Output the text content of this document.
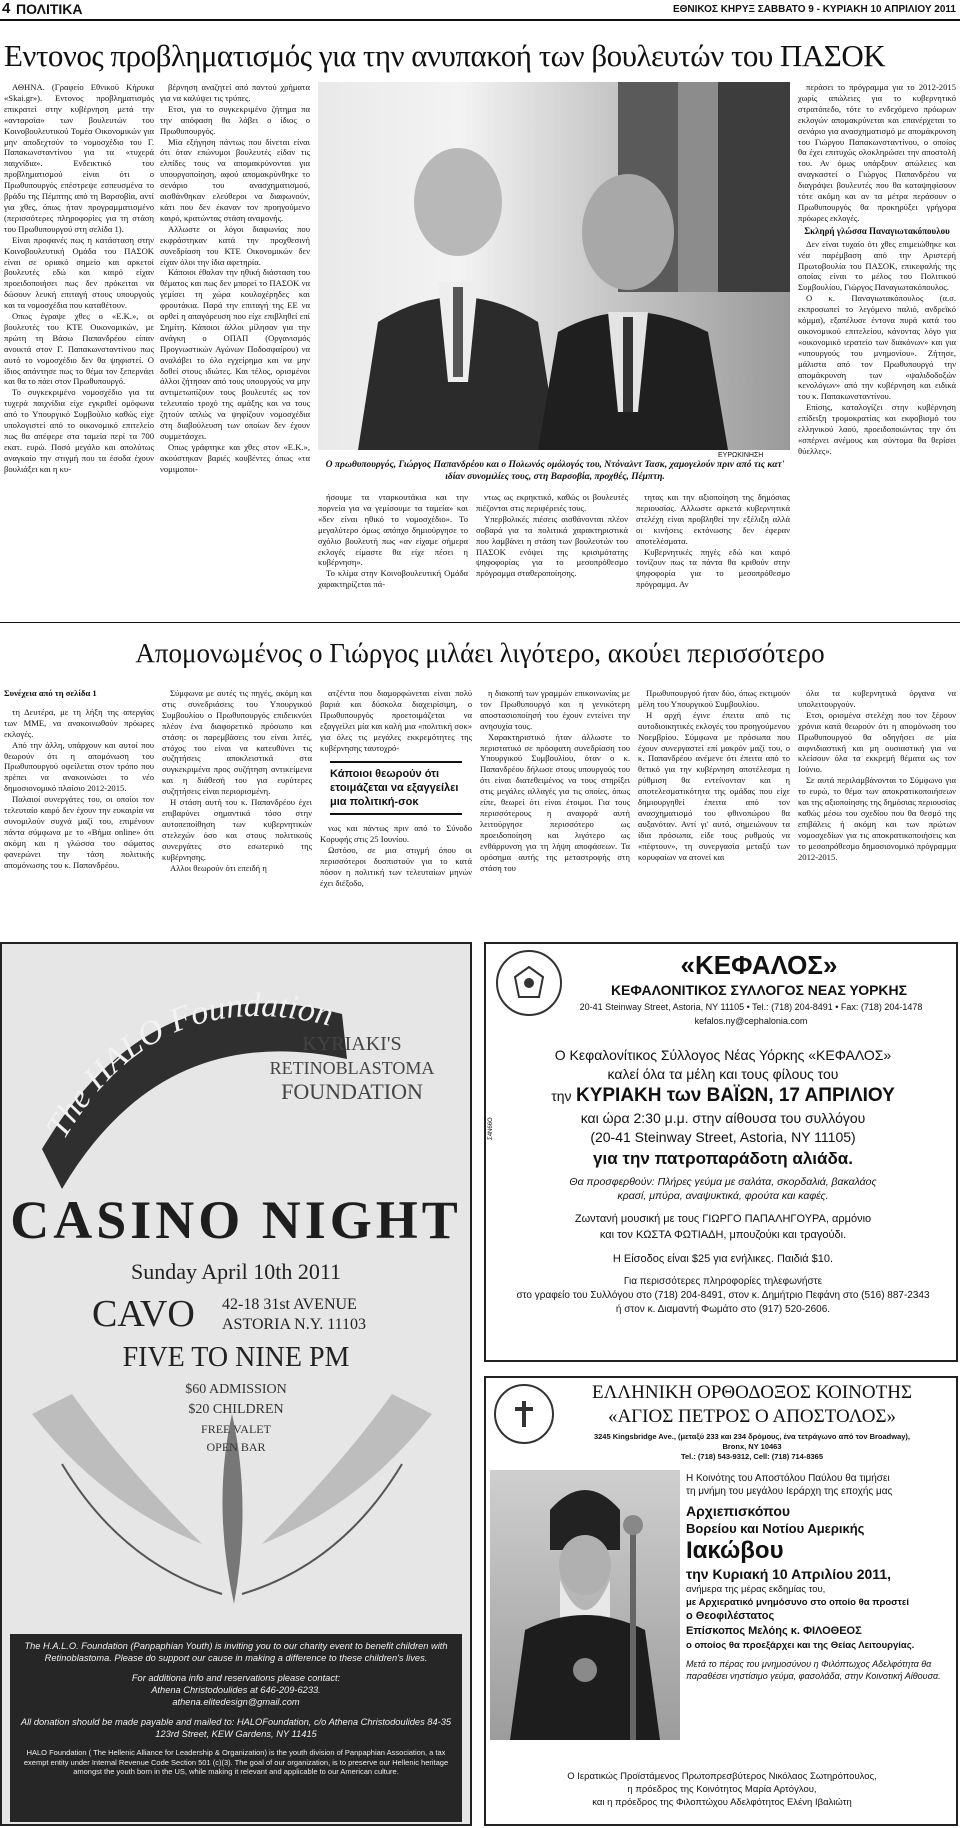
4 ΠΟΛΙΤΙΚΑ	ΕΘΝΙΚΟΣ ΚΗΡΥΞ ΣΑΒΒΑΤΟ 9 - ΚΥΡΙΑΚΗ 10 ΑΠΡΙΛΙΟΥ 2011
Εντονος προβληματισμός για την ανυπακοή των βουλευτών του ΠΑΣΟΚ

ΑΘΗΝΑ. (Γραφείο Εθνικού Κήρυκα «Skai.gr»). Εντονος προβληματισμός επικρατεί στην κυβέρνηση μετά την «ανταρσία» των βουλευτών του Κοινοβουλευτικού Τομέα Οικονομικών για μην αποδεχτούν το νομοσχέδιο του Γ. Παπακωνσταντίνου για τα «τυχερά παιχνίδια». Ενδεικτικό του προβληματισμού είναι ότι ο Πρωθυπουργός επέστρεψε εσπευσμένα το βράδυ της Πέμπτης από τη Βαρσοβία, αντί για χθες, όπως ήταν προγραμματισμένο (περισσότερες πληροφορίες για τη στάση του Πρωθυπουργού στη σελίδα 1).

Είναι προφανές πως η κατάσταση στην Κοινοβουλευτική Ομάδα του ΠΑΣΟΚ είναι σε οριακό σημείο και αρκετοί βουλευτές εδώ και καιρό είχαν προειδοποιήσει πως δεν πρόκειται να δώσουν λευκή επιταγή στους υπουργούς και τα νομοσχέδια που καταθέτουν.

Οπως έγραψε χθες ο «Ε.Κ.», οι βουλευτές του ΚΤΕ Οικονομικών, με πρώτη τη Βάσω Παπανδρέου είπαν ανοικτά στον Γ. Παπακωνσταντίνου πως αυτό το νομοσχέδιο δεν θα ψηφιστεί. Ο ίδιος απάντησε πως το θέμα τον ξεπερνάει και θα το πάει στον Πρωθυπουργό.

Το συγκεκριμένο νομοσχέδιο για τα τυχερά παιχνίδια είχε εγκριθεί ομόφωνα από το Υπουργικό Συμβούλιο καθώς είχε υπολογιστεί από το οικονομικό επιτελείο πως θα απέφερε στα ταμεία περί τα 700 εκατ. ευρώ. Ποσό μεγάλο και απολύτως αναγκαίο την στιγμή που τα έσοδα έχουν βουλιάξει και η κυ-

βέρνηση αναζητεί από παντού χρήματα για να καλύψει τις τρύπες.

Ετσι, για το συγκεκριμένο ζήτημα πα την απόφαση θα λάβει ο ίδιος ο Πρωθυπουργός.

Μία εξήγηση πάντως που δίνεται είναι ότι όταν επώνυμοι βουλευτές είδαν τις ελπίδες τους να απομακρύνονται για υπουργοποίηση, αφού απομακρύνθηκε το σενάριο του ανασχηματισμού, αισθάνθηκαν ελεύθεροι να διαφωνούν, κάτι που δεν έκαναν τον προηγούμενο καιρό, κρατώντας στάση αναμονής.

Αλλωστε οι λόγοι διαφωνίας που εκφράστηκαν κατά την προχθεσινή συνεδρίαση του ΚΤΕ Οικονομικών δεν είχαν όλοι την ίδια αφετηρία.

Κάποιοι έθαλαν την ηθική διάσταση του θέματος και πως δεν μπορεί το ΠΑΣΟΚ να γεμίσει τη χώρα κουλοχέρηδες και φρουτάκια. Παρά την επιταγή της ΕΕ να αρθεί η απαγόρευση που είχε επιβληθεί επί Σημίτη. Κάποιοι άλλοι μίλησαν για την ανάγκη ο ΟΠΑΠ (Οργανισμός Προγνωστικών Αγώνων Ποδοσφαίρου) να αναλάβει το όλο εγχείρημα και να μην δοθεί στους ιδιώτες. Και τέλος, ορισμένοι άλλοι ζήτησαν από τους υπουργούς να μην αντιμετωπίζουν τους βουλευτές ως τον τελευταίο τροχό της αμάξης και να τους ζητούν απλώς να ψηφίζουν νομοσχέδια στη διαβούλευση των οποίων δεν έχουν συμμετάσχει.

Οπως γράφτηκε και χθες στον «Ε.Κ.», ακούστηκαν βαριές κουβέντες όπως «τα νομιμοποι-

ΕΥΡΩΚΙΝΗΣΗ
Ο πρωθυπουργός, Γιώργος Παπανδρέου και ο Πολωνός ομόλογός του, Ντόναλντ Τασκ, χαμογελούν πριν από τις κατ' ιδίαν συνομιλίες τους, στη Βαρσοβία, προχθές, Πέμπτη.

ήσουμε τα νταρκουτάκια και την πορνεία για να γεμίσουμε τα ταμεία» και «δεν είναι ηθικό το νομοσχέδιο». Το μεγαλύτερο όμως απόπχο δημιούργησε το σχόλιο βουλευτή πως «αν είχαμε σήμερα εκλογές είμαστε θα είχε πέσει η κυβέρνηση».

Το κλίμα στην Κοινοβουλευτική Ομάδα χαρακτηρίζεται πά-

ντως ως εκρηκτικό, καθώς οι βουλευτές πιέζονται στις περιφέρειές τους.

Υπερβολικές πιέσεις αισθάνονται πλέον σοβαρά για τα πολιτικά χαρακτηριστικά που λαμβάνει η στάση των βουλευτών του ΠΑΣΟΚ ενόψει της κρισιμότατης ψηφοφορίας για το μεσοπρόθεσμο πρόγραμμα σταθεροποίησης.

τητας και την αξιοποίηση της δημόσιας περιουσίας. Αλλωστε αρκετά κυβερνητικά στελέχη είναι προβληθεί την εξέλιξη αλλά οι κινήσεις εκτόνωσης δεν έφεραν αποτελέσματα.

Κυβερνητικές πηγές εδώ και καιρό τονίζουν πως τα πάντα θα κριθούν στην ψηφοφορία για το μεσοπρόθεσμο πρόγραμμα. Αν

περάσει το πρόγραμμα για το 2012-2015 χωρίς απώλειες για το κυβερνητικό στρατόπεδο, τότε το ενδεχόμενο πρόωρων εκλογών απομακρύνεται και επανέρχεται το σενάριο για ανασχηματισμό με απομάκρυνση του Γιώργου Παπακωνσταντίνου, ο οποίος θα έχει επιτυχώς ολοκληρώσει την αποστολή του. Αν όμως υπάρξουν απώλειες και αναγκαστεί ο Γιώργος Παπανδρέου να διαγράψει βουλευτές που θα καταψηφίσουν τότε ακόμη και αν τα μέτρα περάσουν ο Πρωθυπουργός θα προκηρύξει γρήγορα πρόωρες εκλογές.

Σκληρή γλώσσα Παναγιωτακόπουλου

Δεν είναι τυχαίο ότι χθες επιμειώθηκε και νέα παρέμβαση από την Αριστερή Πρωτοβουλία του ΠΑΣΟΚ, επικεφαλής της οποίας είναι το μέλος του Πολιτικού Συμβουλίου, Γιώργος Παναγιωτακόπουλος.

Ο κ. Παναγιωτακόπουλος (α.σ. εκπροσωπεί το λεγόμενο παλιό, ανδρεϊκό κόμμα), εξαπέλυσε έντονα πυρά κατά του οικονομικού επιτελείου, κάνοντας λόγο για «οικονομικό ιερατείο των διακόνων» και για «υπουργούς του μνημονίου». Ζήτησε, μάλιστα από τον Πρωθυπουργό την απομάκρυνση των «ψαλιδοδοξών κενολόγων» από την κυβέρνηση και ειδικά του κ. Παπακωνσταντίνου.

Επίσης, καταλογίζει στην κυβέρνηση επίδειξη τρομοκρατίας και εκφοβισμό του ελληνικού λαού, προειδοποιώντας την ότι «σπέρνει ανέμους και σύντομα θα θερίσει θύελλες».

Απομονωμένος ο Γιώργος μιλάει λιγότερο, ακούει περισσότερο
Συνέχεια από τη σελίδα 1

τη Δευτέρα, με τη λήξη της απεργίας των ΜΜΕ, να ανακοινωθούν πρόωρες εκλογές.

Από την άλλη, υπάρχουν και αυτοί που θεωρούν ότι η απομόνωση του Πρωθυπουργού οφείλεται στον τρόπο που πρέπει να ανακοινώσει το νέο δημοσιονομικό πλαίσιο 2012-2015.

Παλαιοί συνεργάτες του, οι οποίοι τον τελευταίο καιρό δεν έχουν την ευκαιρία να συνομιλούν συχνά μαζί του, επιμένουν πάντα σύμφωνα με το «Βήμα online» ότι ακόμη και η γλώσσα του σώματος φανερώνει την τάση πολιτικής απομόνωσης του κ. Παπανδρέου.

Σύμφωνα με αυτές τις πηγές, ακόμη και στις συνεδριάσεις του Υπουργικού Συμβουλίου ο Πρωθυπουργός επιδεικνύει πλέον ένα διαφορετικό πρόσωπο και στάση: οι παρεμβάσεις του είναι λιτές, στόχος του είναι να κατευθύνει τις συζητήσεις αποκλειστικά στα συγκεκριμένα προς συζήτηση αντικείμενα και η διάθεσή του για ευρύτερες συζητήσεις είναι περιορισμένη.

Η στάση αυτή του κ. Παπανδρέου έχει επιβαρύνει σημαντικά τόσο στην αυτοπεποίθηση των κυβερνητικών στελεχών όσο και στους πολιτικούς συνεργάτες στο εσωτερικό της κυβέρνησης.

Αλλοι θεωρούν ότι επειδή η

ατζέντα που διαμορφώνεται είναι πολύ βαριά και δύσκολα διαχειρίσιμη, ο Πρωθυπουργός προετοιμάζεται να εξαγγείλει μία και καλή μια «πολιτική σοκ» για όλες τις μεγάλες εκκρεμότητες της κυβέρνησης ταυτοχρό-

Κάποιοι θεωρούν ότι ετοιμάζεται να εξαγγείλει μια πολιτική-σοκ

νως και πάντως πριν από το Σύνοδο Κορυφής στις 25 Ιουνίου.

Ωστόσο, σε μια στιγμή όπου οι περισσότεροι δυσπιστούν για το κατά πόσον η πολιτική των τελευταίων μηνών έχει διέξοδο,

η διακοπή των γραμμών επικοινωνίας με τον Πρωθυπουργό και η γενικότερη αποστασιοποίησή του έχουν εντείνει την ανησυχία τους.

Χαρακτηριστικό ήταν άλλωστε το περιστατικό σε πρόσφατη συνεδρίαση του Υπουργικού Συμβουλίου, όταν ο κ. Παπανδρέου δήλωσε στους υπουργούς του ότι είναι διατεθειμένος να τους στηρίξει στις μεγάλες αλλαγές για τις οποίες, όπως είπε, θεωρεί ότι είναι έτοιμοι. Για τους περισσότερους η αναφορά αυτή λειτούργησε περισσότερο ως προειδοποίηση και λιγότερο ως ενθάρρυνση για τη λήψη αποφάσεων. Τα ορόσημα αυτής της μεταστροφής στη στάση του

Πρωθυπουργού ήταν δύο, όπως εκτιμούν μέλη του Υπουργικού Συμβουλίου.

Η αρχή έγινε έπειτα από τις αυτοδιοικητικές εκλογές του προηγούμενου Νοεμβρίου. Σύμφωνα με πρόσωπα που έχουν συνεργαστεί επί μακρόν μαζί του, ο κ. Παπανδρέου ανέμενε ότι έπειτα από το θετικό για την κυβέρνηση αποτέλεσμα η ρύθμιση θα εντείνονταν και η αποτελεσματικότητα της ομάδας που είχε δημιουργηθεί έπειτα από τον ανασχηματισμό του φθινοπώρου θα αυξανόταν. Αντί γι' αυτό, σημειώνουν τα ίδια πρόσωπα, είδε τους ρυθμούς να «πέφτουν», τη συνεργασία μεταξύ των κορυφαίων να ατονεί και

όλα τα κυβερνητικά όργανα να υπολειτουργούν.

Ετσι, ορισμένα στελέχη που τον ξέρουν χρόνια κατά θεωρούν ότι η απομόνωση του Πρωθυπουργού θα οδηγήσει σε μία αιφνιδιαστική και μη ουσιαστική για να κλείσουν όλα τα εκκρεμή θέματα ως τον Ιούνιο.

Σε αυτά περιλαμβάνονται το Σύμφωνο για το ευρώ, το θέμα των αποκρατικοποιήσεων και της αξιοποίησης της δημόσιας περιουσίας καθώς μέσω του σχεδίου που θα θεσμό της επιβάλεις ή ακόμη και των πρώτων νομοσχεδίων για τις αποκρατικοποιήσεις και το μεσοπρόθεσμο δημοσιονομικό πρόγραμμα 2012-2015.

The HALO Foundation
KYRIAKI'S
RETINOBLASTOMA
FOUNDATION
CASINO NIGHT
Sunday April 10th 2011
CAVO 42-18 31st AVENUE
ASTORIA N.Y. 11103
FIVE TO NINE PM
$60 ADMISSION
$20 CHILDREN
FREE VALET
OPEN BAR
The H.A.L.O. Foundation (Panpaphian Youth) is inviting you to our charity event to benefit children with Retinoblastoma. Please do support our cause in making a difference to these children's lives.
For additiona info and reservations please contact:
Athena Christodoulides at 646-209-6233.
athena.elitedesign@gmail.com
All donation should be made payable and mailed to: HALOFoundation, c/o Athena Christodoulides 84-35 123rd Street, KEW Gardens, NY 11415
HALO Foundation ( The Hellenic Alliance for Leadership & Organization) is the youth division of Panpaphian Association, a tax exempt entity under Internal Revenue Code Section 501 (c)(3). The goal of our organization, is to preserve our Hellenic heritage amongst the youth born in the US, while making it relevant and applicable to our American culture.
Σ4Ν66Ο
«ΚΕΦΑΛΟΣ»
ΚΕΦΑΛΟΝΙΤΙΚΟΣ ΣΥΛΛΟΓΟΣ ΝΕΑΣ ΥΟΡΚΗΣ
20-41 Steinway Street, Astoria, NY 11105 • Tel.: (718) 204-8491 • Fax: (718) 204-1478
kefalos.ny@cephalonia.com
Ο Κεφαλονίτικος Σύλλογος Νέας Υόρκης «ΚΕΦΑΛΟΣ»
καλεί όλα τα μέλη και τους φίλους του
την ΚΥΡΙΑΚΗ των ΒΑΪΩΝ, 17 ΑΠΡΙΛΙΟΥ
και ώρα 2:30 μ.μ. στην αίθουσα του συλλόγου
(20-41 Steinway Street, Astoria, NY 11105)
για την πατροπαράδοτη αλιάδα.
Θα προσφερθούν: Πλήρες γεύμα με σαλάτα, σκορδαλιά, βακαλάος
κρασί, μπύρα, αναψυκτικά, φρούτα και καφές.
Ζωντανή μουσική με τους ΓΙΩΡΓΟ ΠΑΠΑΛΗΓΟΥΡΑ, αρμόνιο
και τον ΚΩΣΤΑ ΦΩΤΙΑΔΗ, μπουζούκι και τραγούδι.
Η Είσοδος είναι $25 για ενήλικες. Παιδιά $10.
Για περισσότερες πληροφορίες τηλεφωνήστε
στο γραφείο του Συλλόγου στο (718) 204-8491, στον κ. Δημήτριο Πεφάνη στο (516) 887-2343
ή στον κ. Διαμαντή Φωμάτο στο (917) 520-2606.
ΕΛΛΗΝΙΚΗ ΟΡΘΟΔΟΞΟΣ ΚΟΙΝΟΤΗΣ
«ΑΓΙΟΣ ΠΕΤΡΟΣ Ο ΑΠΟΣΤΟΛΟΣ»
3245 Kingsbridge Ave., (μεταξύ 233 και 234 δρόμους, ένα τετράγωνο από τον Broadway),
Bronx, NY 10463
Tel.: (718) 543-9312, Cell: (718) 714-8365
Η Κοινότης του Αποστόλου Παύλου θα τιμήσει
τη μνήμη του μεγάλου Ιεράρχη της εποχής μας
Αρχιεπισκόπου
Βορείου και Νοτίου Αμερικής
Ιακώβου
την Κυριακή 10 Απριλίου 2011,
ανήμερα της μέρας εκδημίας του,
με Αρχιερατικό μνημόσυνο στο οποίο θα προστεί
ο Θεοφιλέστατος
Επίσκοπος Μελόης κ. ΦΙΛΟΘΕΟΣ
ο οποίος θα προεξάρχει και της Θείας Λειτουργίας.
Μετά το πέρας του μνημοσύνου η Φιλόπτωχος Αδελφότητα θα παραθέσει νηστίσιμο γεύμα, φασολάδα, στην Κοινοτική Αίθουσα.
Ο Ιερατικώς Προϊστάμενος Πρωτοπρεσβύτερος Νικόλαος Σωτηρόπουλος,
η πρόεδρος της Κοινότητος Μαρία Αρτόγλου,
και η πρόεδρος της Φιλοπτώχου Αδελφότητος Ελένη Ιβαλιώτη
